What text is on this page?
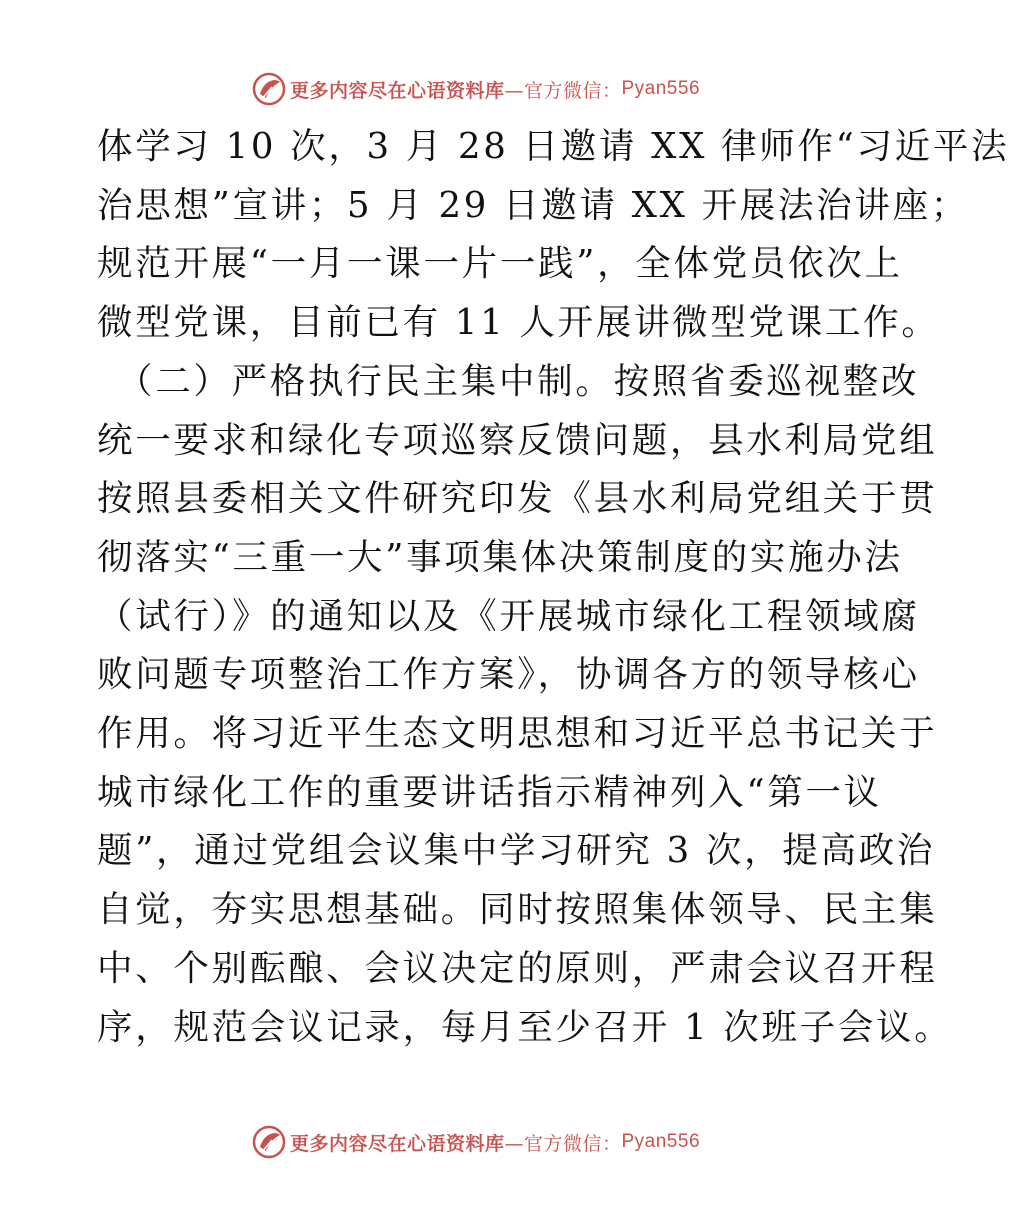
更多内容尽在心语资料库 —官方微信： Pyan556

体学习 10 次，3 月 28 日邀请 XX 律师作“习近平法
治思想”宣讲；5 月 29 日邀请 XX 开展法治讲座；
规范开展“一月一课一片一践”，全体党员依次上
微型党课，目前已有 11 人开展讲微型党课工作。

（二）严格执行民主集中制。按照省委巡视整改
统一要求和绿化专项巡察反馈问题，县水利局党组
按照县委相关文件研究印发《县水利局党组关于贯
彻落实“三重一大”事项集体决策制度的实施办法
（试行）》的通知以及《开展城市绿化工程领域腐
败问题专项整治工作方案》，协调各方的领导核心
作用。将习近平生态文明思想和习近平总书记关于
城市绿化工作的重要讲话指示精神列入“第一议
题”，通过党组会议集中学习研究 3 次，提高政治
自觉，夯实思想基础。同时按照集体领导、民主集
中、个别酝酿、会议决定的原则，严肃会议召开程
序，规范会议记录，每月至少召开 1 次班子会议。

更多内容尽在心语资料库 —官方微信： Pyan556
